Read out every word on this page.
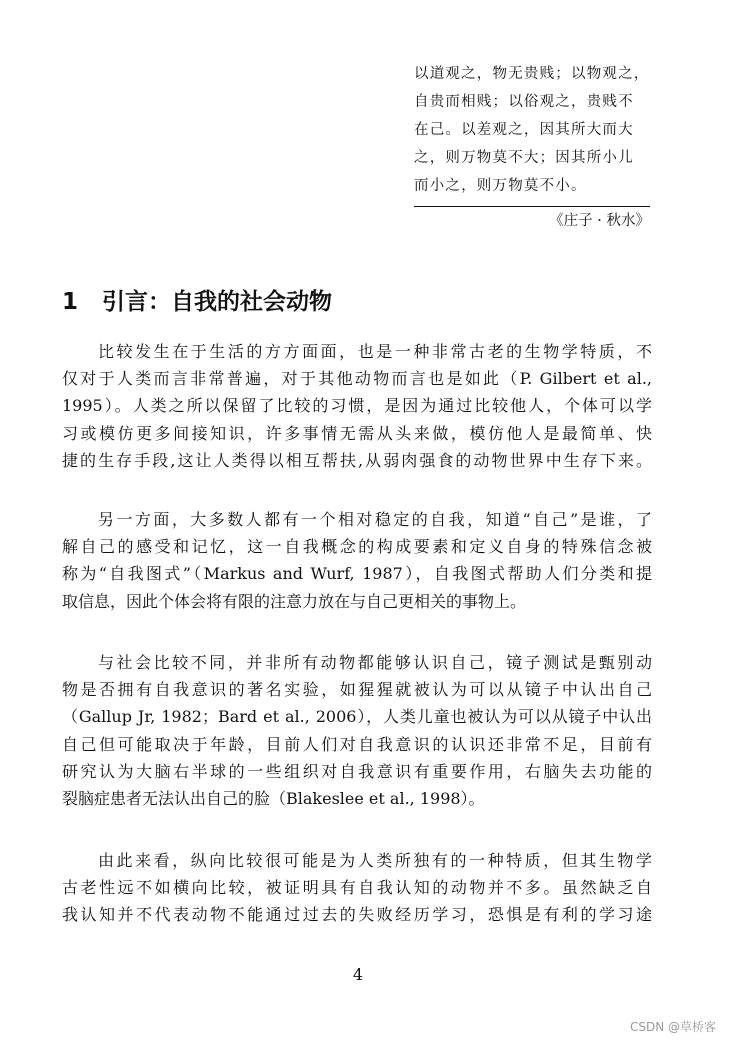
以道观之，物无贵贱；以物观之，
自贵而相贱；以俗观之，贵贱不
在己。以差观之，因其所大而大
之，则万物莫不大；因其所小儿
而小之，则万物莫不小。
《庄子 · 秋水》
1 引言：自我的社会动物
比较发生在于生活的方方面面，也是一种非常古老的生物学特质，不
仅对于人类而言非常普遍，对于其他动物而言也是如此（P. Gilbert et al.,
1995）。人类之所以保留了比较的习惯，是因为通过比较他人，个体可以学
习或模仿更多间接知识，许多事情无需从头来做，模仿他人是最简单、快
捷的生存手段,这让人类得以相互帮扶,从弱肉强食的动物世界中生存下来。
另一方面，大多数人都有一个相对稳定的自我，知道“自己”是谁，了
解自己的感受和记忆，这一自我概念的构成要素和定义自身的特殊信念被
称为“自我图式”（Markus and Wurf, 1987），自我图式帮助人们分类和提
取信息，因此个体会将有限的注意力放在与自己更相关的事物上。
与社会比较不同，并非所有动物都能够认识自己，镜子测试是甄别动
物是否拥有自我意识的著名实验，如猩猩就被认为可以从镜子中认出自己
（Gallup Jr, 1982；Bard et al., 2006），人类儿童也被认为可以从镜子中认出
自己但可能取决于年龄，目前人们对自我意识的认识还非常不足，目前有
研究认为大脑右半球的一些组织对自我意识有重要作用，右脑失去功能的
裂脑症患者无法认出自己的脸（Blakeslee et al., 1998）。
由此来看，纵向比较很可能是为人类所独有的一种特质，但其生物学
古老性远不如横向比较，被证明具有自我认知的动物并不多。虽然缺乏自
我认知并不代表动物不能通过过去的失败经历学习，恐惧是有利的学习途
4
CSDN @草桥客
